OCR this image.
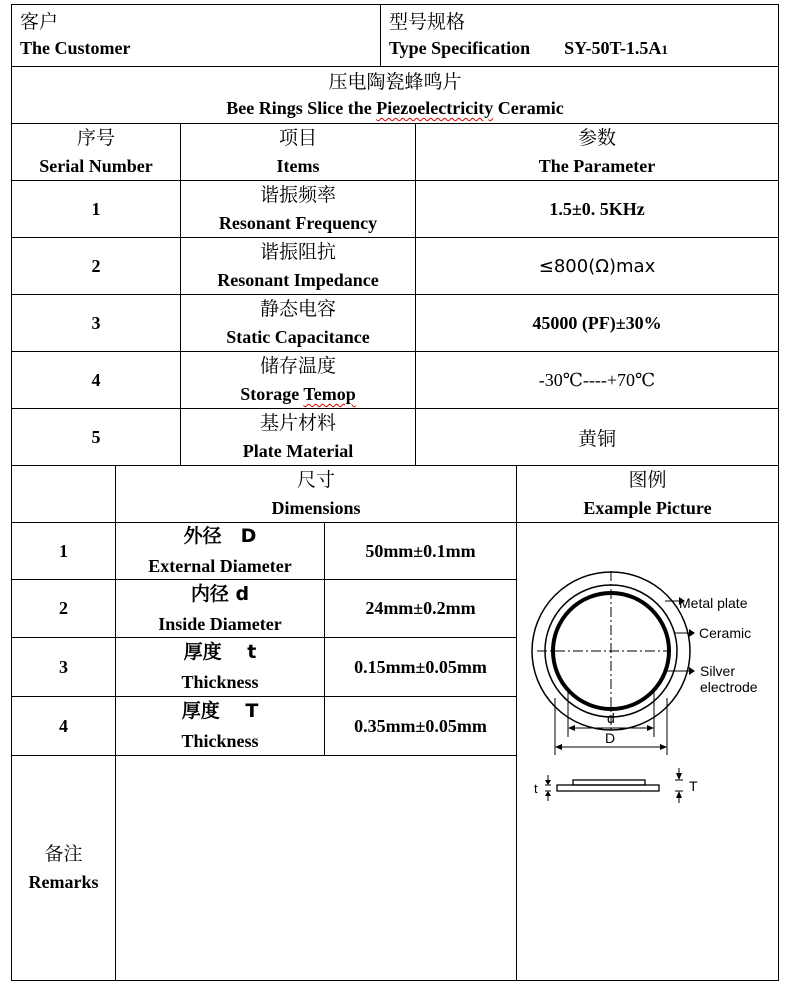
客户
The Customer
型号规格
Type Specification SY-50T-1.5A1
压电陶瓷蜂鸣片
Bee Rings Slice the Piezoelectricity Ceramic
序号
Serial Number
项目
Items
参数
The Parameter
1
谐振频率
Resonant Frequency
1.5±0. 5KHz
2
谐振阻抗
Resonant Impedance
≤800(Ω)max
3
静态电容
Static Capacitance
45000 (PF)±30%
4
储存温度
Storage Temop
-30℃----+70℃
5
基片材料
Plate Material
黄铜
尺寸
Dimensions
图例
Example Picture
1
外径　D
External Diameter
50mm±0.1mm
2
内径 d
Inside Diameter
24mm±0.2mm
3
厚度　 t
Thickness
0.15mm±0.05mm
4
厚度　 T
Thickness
0.35mm±0.05mm
备注
Remarks
Metal plate
Ceramic
Silver
electrode
d
D
t	T
